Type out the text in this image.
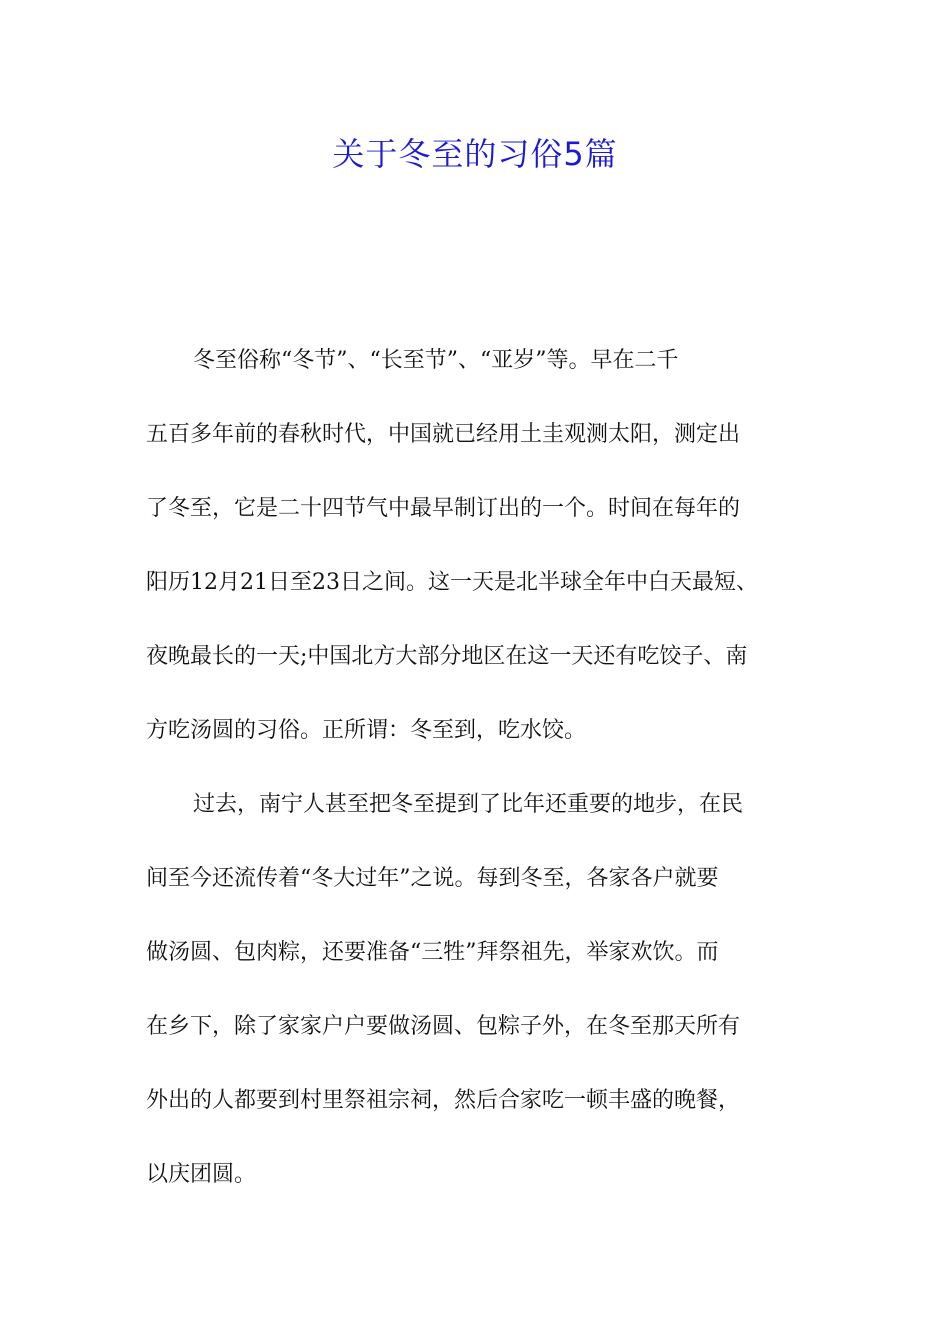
关于冬至的习俗5篇
冬至俗称“冬节”、“长至节”、“亚岁”等。早在二千
五百多年前的春秋时代，中国就已经用土圭观测太阳，测定出
了冬至，它是二十四节气中最早制订出的一个。时间在每年的
阳历12月21日至23日之间。这一天是北半球全年中白天最短、
夜晚最长的一天;中国北方大部分地区在这一天还有吃饺子、南
方吃汤圆的习俗。正所谓：冬至到，吃水饺。
过去，南宁人甚至把冬至提到了比年还重要的地步，在民
间至今还流传着“冬大过年”之说。每到冬至，各家各户就要
做汤圆、包肉粽，还要准备“三牲”拜祭祖先，举家欢饮。而
在乡下，除了家家户户要做汤圆、包粽子外，在冬至那天所有
外出的人都要到村里祭祖宗祠，然后合家吃一顿丰盛的晚餐，
以庆团圆。
